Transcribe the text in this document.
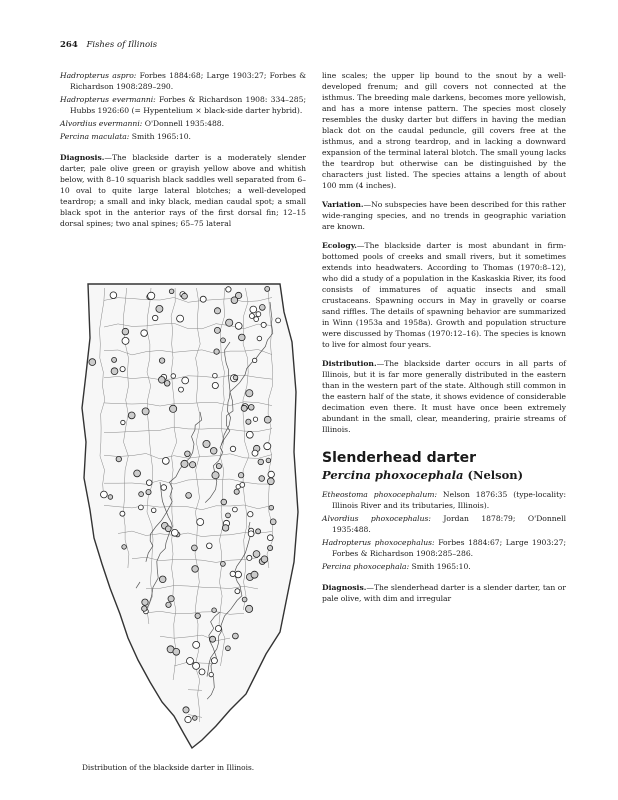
264 Fishes of Illinois
Hadropterus aspro: Forbes 1884:68; Large 1903:27; Forbes & Richardson 1908:289–290.
Hadropterus evermanni: Forbes & Richardson 1908: 334–285; Hubbs 1926:60 (= Hypentelium × black-side darter hybrid).
Alvordius evermanni: O'Donnell 1935:488.
Percina maculata: Smith 1965:10.

Diagnosis.—The blackside darter is a moderately slender darter, pale olive green or grayish yellow above and whitish below, with 8–10 squarish black saddles well separated from 6–10 oval to quite large lateral blotches; a well-developed teardrop; a small and inky black, median caudal spot; a small black spot in the anterior rays of the first dorsal fin; 12–15 dorsal spines; two anal spines; 65–75 lateral

Distribution of the blackside darter in Illinois.

line scales; the upper lip bound to the snout by a well-developed frenum; and gill covers not connected at the isthmus. The breeding male darkens, becomes more yellowish, and has a more intense pattern. The species most closely resembles the dusky darter but differs in having the median black dot on the caudal peduncle, gill covers free at the isthmus, and a strong teardrop, and in lacking a downward expansion of the terminal lateral blotch. The small young lacks the teardrop but otherwise can be distinguished by the characters just listed. The species attains a length of about 100 mm (4 inches).

Variation.—No subspecies have been described for this rather wide-ranging species, and no trends in geographic variation are known.

Ecology.—The blackside darter is most abundant in firm-bottomed pools of creeks and small rivers, but it sometimes extends into headwaters. According to Thomas (1970:8–12), who did a study of a population in the Kaskaskia River, its food consists of immatures of aquatic insects and small crustaceans. Spawning occurs in May in gravelly or coarse sand riffles. The details of spawning behavior are summarized in Winn (1953a and 1958a). Growth and population structure were discussed by Thomas (1970:12–16). The species is known to live for almost four years.

Distribution.—The blackside darter occurs in all parts of Illinois, but it is far more generally distributed in the eastern than in the western part of the state. Although still common in the eastern half of the state, it shows evidence of considerable decimation even there. It must have once been extremely abundant in the small, clear, meandering, prairie streams of Illinois.

Slenderhead darter
Percina phoxocephala (Nelson)
Etheostoma phoxocephalum: Nelson 1876:35 (type-locality: Illinois River and its tributaries, Illinois).
Alvordius phoxocephalus: Jordan 1878:79; O'Donnell 1935:488.
Hadropterus phoxocephalus: Forbes 1884:67; Large 1903:27; Forbes & Richardson 1908:285–286.
Percina phoxocephala: Smith 1965:10.

Diagnosis.—The slenderhead darter is a slender darter, tan or pale olive, with dim and irregular
